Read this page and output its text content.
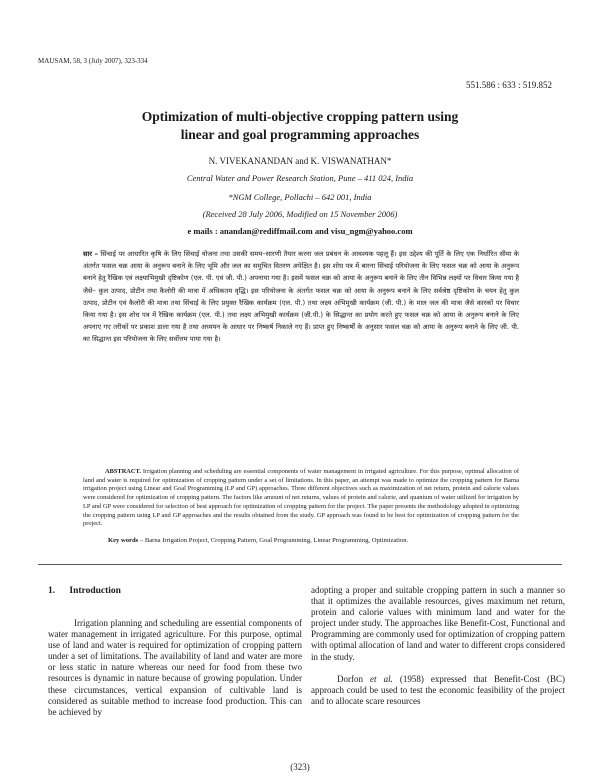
MAUSAM, 58, 3 (July 2007), 323-334
551.586 : 633 : 519.852
Optimization of multi-objective cropping pattern using
linear and goal programming approaches
N. VIVEKANANDAN and K. VISWANATHAN*
Central Water and Power Research Station, Pune – 411 024, India
*NGM College, Pollachi – 642 001, India
(Received 28 July 2006, Modified on 15 November 2006)
e mails : anandan@rediffmail.com and visu_ngm@yahoo.com
सार – सिंचाई पर आधारित कृषि के लिए सिंचाई योजना तथा उसकी समय–सारणी तैयार करना जल प्रबंधन के आवश्यक पहलू हैं। इस उद्देश्य की पूर्ति के लिए एक निर्धारित सीमा के अंतर्गत फसल चक्र आया के अनुरूप बनाने के लिए भूमि और जल का समुचित वितरण अपेक्षित है। इस शोध पत्र में बारना सिंचाई परियोजना के लिए फसल चक्र को आया के अनुरूप बनाने हेतु रैखिक एवं लक्ष्याभिमुखी दृष्टिकोण (एल. पी. एवं जी. पी.) अपनाया गया है। इसमें फसल चक्र को आया के अनुरूप बनाने के लिए तीन विभिन्न लक्ष्यों पर विचार किया गया है जैसे– कुल उत्पाद, प्रोटीन तथा कैलोरी की मात्रा में अधिकतम वृद्धि। इस परियोजना के अंतर्गत फसल चक्र को आया के अनुरूप बनाने के लिए सर्वश्रेष्ठ दृष्टिकोण के चयन हेतु कुल उत्पाद, प्रोटीन एवं कैलोरी की मात्रा तथा सिंचाई के लिए प्रयुक्त रैखिक कार्यक्रम (एल. पी.) तथा लक्ष्य अभिमुखी कार्यक्रम (जी. पी.) के माल जल की मात्रा जैसे कारकों पर विचार किया गया है। इस शोध पत्र में रैखिक कार्यक्रम (एल. पी.) तथा लक्ष्य अभिमुखी कार्यक्रम (जी.पी.) के सिद्धान्त का प्रयोग करते हुए फसल चक्र को आया के अनुरूप बनाने के लिए अपनाए गए तरीकों पर प्रकाश डाला गया है तथा अध्ययन के आधार पर निष्कर्ष निकाले गए हैं। प्राप्त हुए निष्कर्षों के अनुसार फसल चक्र को आया के अनुरूप बनाने के लिए जी. पी. का सिद्धान्त इस परियोजना के लिए सर्वोत्तम पाया गया है।
ABSTRACT. Irrigation planning and scheduling are essential components of water management in irrigated agriculture. For this purpose, optimal allocation of land and water is required for optimization of cropping pattern under a set of limitations. In this paper, an attempt was made to optimize the cropping pattern for Barna irrigation project using Linear and Goal Programming (LP and GP) approaches. Three different objectives such as maximization of net return, protein and calorie values were considered for optimization of cropping pattern. The factors like amount of net returns, values of protein and calorie, and quantum of water utilized for irrigation by LP and GP were considered for selection of best approach for optimization of cropping pattern for the project. The paper presents the methodology adopted in optimizing the cropping pattern using LP and GP approaches and the results obtained from the study. GP approach was found to be best for optimization of cropping pattern for the project.
Key words – Barna Irrigation Project, Cropping Pattern, Goal Programming, Linear Programming, Optimization.
1.      Introduction

Irrigation planning and scheduling are essential components of water management in irrigated agriculture. For this purpose, optimal use of land and water is required for optimization of cropping pattern under a set of limitations. The availability of land and water are more or less static in nature whereas our need for food from these two resources is dynamic in nature because of growing population. Under these circumstances, vertical expansion of cultivable land is considered as suitable method to increase food production. This can be achieved by

adopting a proper and suitable cropping pattern in such a manner so that it optimizes the available resources, gives maximum net return, protein and calorie values with minimum land and water for the project under study. The approaches like Benefit-Cost, Functional and Programming are commonly used for optimization of cropping pattern with optimal allocation of land and water to different crops considered in the study.

Dorfon et al. (1958) expressed that Benefit-Cost (BC) approach could be used to test the economic feasibility of the project and to allocate scare resources

(323)
